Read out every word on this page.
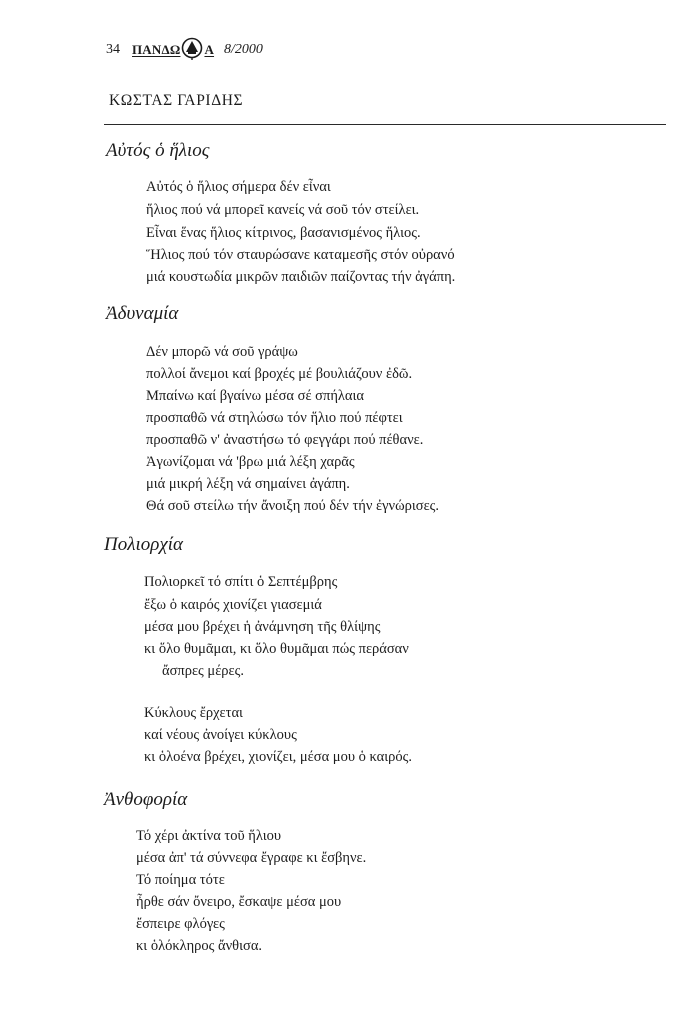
34 ΠΑΝΔΩ Α 8/2000
ΚΩΣΤΑΣ ΓΑΡΙΔΗΣ
Αὐτός ὁ ἥλιος
Αὐτός ὁ ἥλιος σήμερα δέν εἶναι
ἥλιος πού νά μπορεῖ κανείς νά σοῦ τόν στείλει.
Εἶναι ἕνας ἥλιος κίτρινος, βασανισμένος ἥλιος.
Ἥλιος πού τόν σταυρώσανε καταμεσῆς στόν οὐρανό
μιά κουστωδία μικρῶν παιδιῶν παίζοντας τήν ἀγάπη.
Ἀδυναμία
Δέν μπορῶ νά σοῦ γράψω
πολλοί ἄνεμοι καί βροχές μέ βουλιάζουν ἐδῶ.
Μπαίνω καί βγαίνω μέσα σέ σπήλαια
προσπαθῶ νά στηλώσω τόν ἥλιο πού πέφτει
προσπαθῶ ν' ἀναστήσω τό φεγγάρι πού πέθανε.
Ἀγωνίζομαι νά 'βρω μιά λέξη χαρᾶς
μιά μικρή λέξη νά σημαίνει ἀγάπη.
Θά σοῦ στείλω τήν ἄνοιξη πού δέν τήν ἐγνώρισες.
Πολιορχία
Πολιορκεῖ τό σπίτι ὁ Σεπτέμβρης
ἔξω ὁ καιρός χιονίζει γιασεμιά
μέσα μου βρέχει ἡ ἀνάμνηση τῆς θλίψης
κι ὅλο θυμᾶμαι, κι ὅλο θυμᾶμαι πώς περάσαν
ἄσπρες μέρες.
Κύκλους ἔρχεται
καί νέους ἀνοίγει κύκλους
κι ὁλοένα βρέχει, χιονίζει, μέσα μου ὁ καιρός.
Ἀνθοφορία
Τό χέρι ἀκτίνα τοῦ ἥλιου
μέσα ἀπ' τά σύννεφα ἔγραφε κι ἔσβηνε.
Τό ποίημα τότε
ἦρθε σάν ὄνειρο, ἔσκαψε μέσα μου
ἔσπειρε φλόγες
κι ὁλόκληρος ἄνθισα.
